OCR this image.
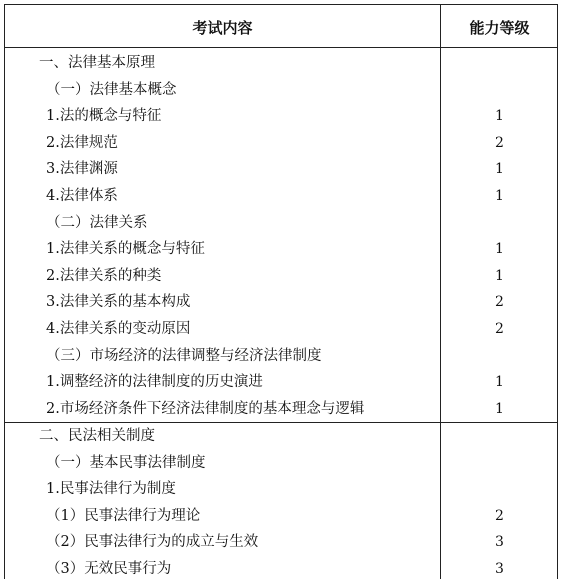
考试内容	能力等级
一、法律基本原理
（一）法律基本概念
1.法的概念与特征	1
2.法律规范	2
3.法律渊源	1
4.法律体系	1
（二）法律关系
1.法律关系的概念与特征	1
2.法律关系的种类	1
3.法律关系的基本构成	2
4.法律关系的变动原因	2
（三）市场经济的法律调整与经济法律制度
1.调整经济的法律制度的历史演进	1
2.市场经济条件下经济法律制度的基本理念与逻辑	1
二、民法相关制度
（一）基本民事法律制度
1.民事法律行为制度
（1）民事法律行为理论	2
（2）民事法律行为的成立与生效	3
（3）无效民事行为	3
